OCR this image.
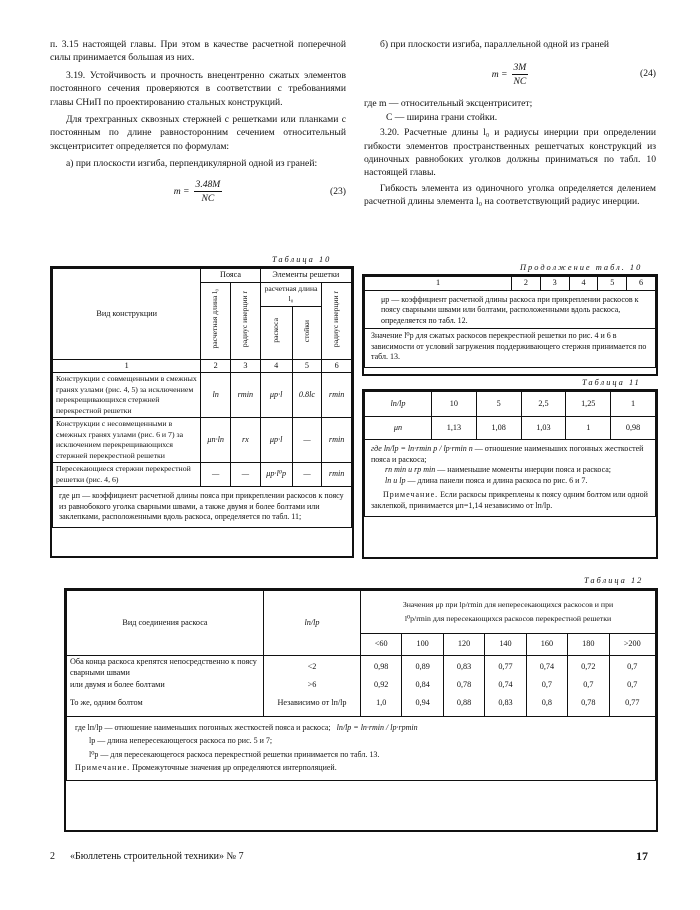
п. 3.15 настоящей главы. При этом в качестве расчетной поперечной силы принимается большая из них.

3.19. Устойчивость и прочность внецентренно сжатых элементов постоянного сечения проверяются в соответствии с требованиями главы СНиП по проектированию стальных конструкций.

Для трехгранных сквозных стержней с решетками или планками с постоянным по длине равносторонним сечением относительный эксцентриситет определяется по формулам:

а) при плоскости изгиба, перпендикулярной одной из граней:

$m = \frac{3.48M}{NC}$	(23)

б) при плоскости изгиба, параллельной одной из граней

$m = \frac{3M}{NC}$	(24)

где m — относительный эксцентриситет;

C — ширина грани стойки.

3.20. Расчетные длины l₀ и радиусы инерции при определении гибкости элементов пространственных решетчатых конструкций из одиночных равнобоких уголков должны приниматься по табл. 10 настоящей главы.

Гибкость элемента из одиночного уголка определяется делением расчетной длины элемента l₀ на соответствующий радиус инерции.

Таблица 10
Вид конструкции	Пояса		Элементы решетки		
	расчетная длина l₀	радиус инерции r	расчетная длина l₀		радиус инерции r
			раскоса	стойки	
1	2	3	4	5	6
Конструкции с совмещенными в смежных гранях узлами (рис. 4, 5) за исключением перекрещивающихся стержней перекрестной решетки	lп	rmin	μр·l	0.8lc	rmin
Конструкции с несовмещенными в смежных гранях узлами (рис. 6 и 7) за исключением перекрещивающихся стержней перекрестной решетки	μп·lп	rx	μр·l	—	rmin
Пересекающиеся стержни перекрестной решетки (рис. 4, 6)	—	—	μр·l⁰р	—	rmin
где μп — коэффициент расчетной длины пояса при прикреплении раскосов к поясу из равнобокого уголка сварными швами, а также двумя и более болтами или заклепками, расположенными вдоль раскоса, определяется по табл. 11;					
Продолжение табл. 10
1	2	3	4	5	6
μр — коэффициент расчетной длины раскоса при прикреплении раскосов к поясу сварными швами или болтами, расположенными вдоль раскоса, определяется по табл. 12.
Значение l⁰р для сжатых раскосов перекрестной решетки по рис. 4 и 6 в зависимости от условий загружения поддерживающего стержня принимается по табл. 13.
Таблица 11
lп/lр	10	5	2,5	1,25	1
μп	1,13	1,08	1,03	1	0,98

где lп/lр = lп·rmin р / lр·rmin п — отношение наименьших погонных жесткостей пояса и раскоса;
rп min и rр min — наименьшие моменты инерции пояса и раскоса;
lп и lр — длина панели пояса и длина раскоса по рис. 6 и 7.
Примечание. Если раскосы прикреплены к поясу одним болтом или одной заклепкой, принимается μп=1,14 независимо от lп/lр.					
Таблица 12
Вид соединения раскоса	lп/lр	Значения μр при lр/rmin для непересекающихся раскосов и при
l⁰р/rmin для пересекающихся раскосов перекрестной решетки						

		<60	100	120	140	160	180	>200
Оба конца раскоса крепятся непосредственно к поясу сварными швами	<2	0,98	0,89	0,83	0,77	0,74	0,72	0,7
или двумя и более болтами	>6	0,92	0,84	0,78	0,74	0,7	0,7	0,7
То же, одним болтом	Независимо от lп/lр	1,0	0,94	0,88	0,83	0,8	0,78	0,77

где lп/lр — отношение наименьших погонных жесткостей пояса и раскоса; lп/lр = lп·rmin / lр·rрmin
lр — длина непересекающегося раскоса по рис. 5 и 7;
l⁰р — для пересекающегося раскоса перекрестной решетки принимается по табл. 13.
Примечание. Промежуточные значения μр определяются интерполяцией.								
2 «Бюллетень строительной техники» № 7	17
